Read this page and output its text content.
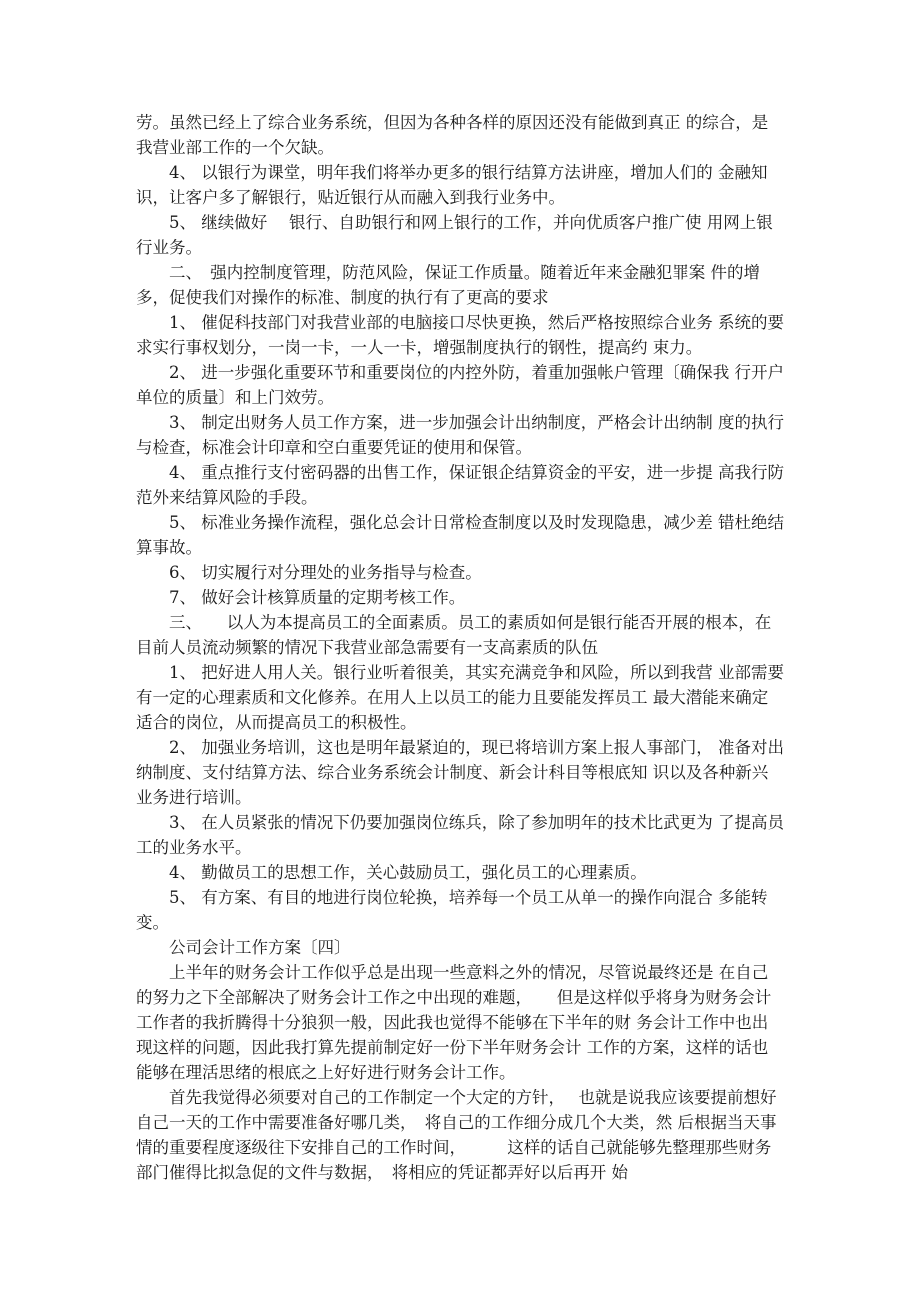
劳。虽然已经上了综合业务系统，但因为各种各样的原因还没有能做到真正 的综合，是我营业部工作的一个欠缺。

4、 以银行为课堂，明年我们将举办更多的银行结算方法讲座，增加人们的 金融知识，让客户多了解银行，贴近银行从而融入到我行业务中。

5、 继续做好　 银行、自助银行和网上银行的工作，并向优质客户推广使 用网上银行业务。

二、　强内控制度管理，防范风险，保证工作质量。随着近年来金融犯罪案 件的增多，促使我们对操作的标准、制度的执行有了更高的要求

1、 催促科技部门对我营业部的电脑接口尽快更换，然后严格按照综合业务 系统的要求实行事权划分，一岗一卡，一人一卡，增强制度执行的钢性，提高约 束力。

2、 进一步强化重要环节和重要岗位的内控外防，着重加强帐户管理〔确保我 行开户单位的质量〕和上门效劳。

3、 制定出财务人员工作方案，进一步加强会计出纳制度，严格会计出纳制 度的执行与检查，标准会计印章和空白重要凭证的使用和保管。

4、 重点推行支付密码器的出售工作，保证银企结算资金的平安，进一步提 高我行防范外来结算风险的手段。

5、 标准业务操作流程，强化总会计日常检查制度以及时发现隐患，减少差 错杜绝结算事故。

6、 切实履行对分理处的业务指导与检查。

7、 做好会计核算质量的定期考核工作。

三、　　以人为本提高员工的全面素质。员工的素质如何是银行能否开展的根本，在目前人员流动频繁的情况下我营业部急需要有一支高素质的队伍

1、 把好进人用人关。银行业听着很美，其实充满竞争和风险，所以到我营 业部需要有一定的心理素质和文化修养。在用人上以员工的能力且要能发挥员工 最大潜能来确定适合的岗位，从而提高员工的积极性。

2、 加强业务培训，这也是明年最紧迫的，现已将培训方案上报人事部门， 准备对出纳制度、支付结算方法、综合业务系统会计制度、新会计科目等根底知 识以及各种新兴业务进行培训。

3、 在人员紧张的情况下仍要加强岗位练兵，除了参加明年的技术比武更为 了提高员工的业务水平。

4、 勤做员工的思想工作，关心鼓励员工，强化员工的心理素质。

5、 有方案、有目的地进行岗位轮换，培养每一个员工从单一的操作向混合 多能转变。

公司会计工作方案〔四〕

上半年的财务会计工作似乎总是出现一些意料之外的情况，尽管说最终还是 在自己的努力之下全部解决了财务会计工作之中出现的难题，　　但是这样似乎将身为财务会计工作者的我折腾得十分狼狈一般，因此我也觉得不能够在下半年的财 务会计工作中也出现这样的问题，因此我打算先提前制定好一份下半年财务会计 工作的方案，这样的话也能够在理活思绪的根底之上好好进行财务会计工作。

首先我觉得必须要对自己的工作制定一个大定的方针，　 也就是说我应该要提前想好自己一天的工作中需要准备好哪几类，　将自己的工作细分成几个大类，然 后根据当天事情的重要程度逐级往下安排自己的工作时间，　　　这样的话自己就能够先整理那些财务部门催得比拟急促的文件与数据，　将相应的凭证都弄好以后再开 始
